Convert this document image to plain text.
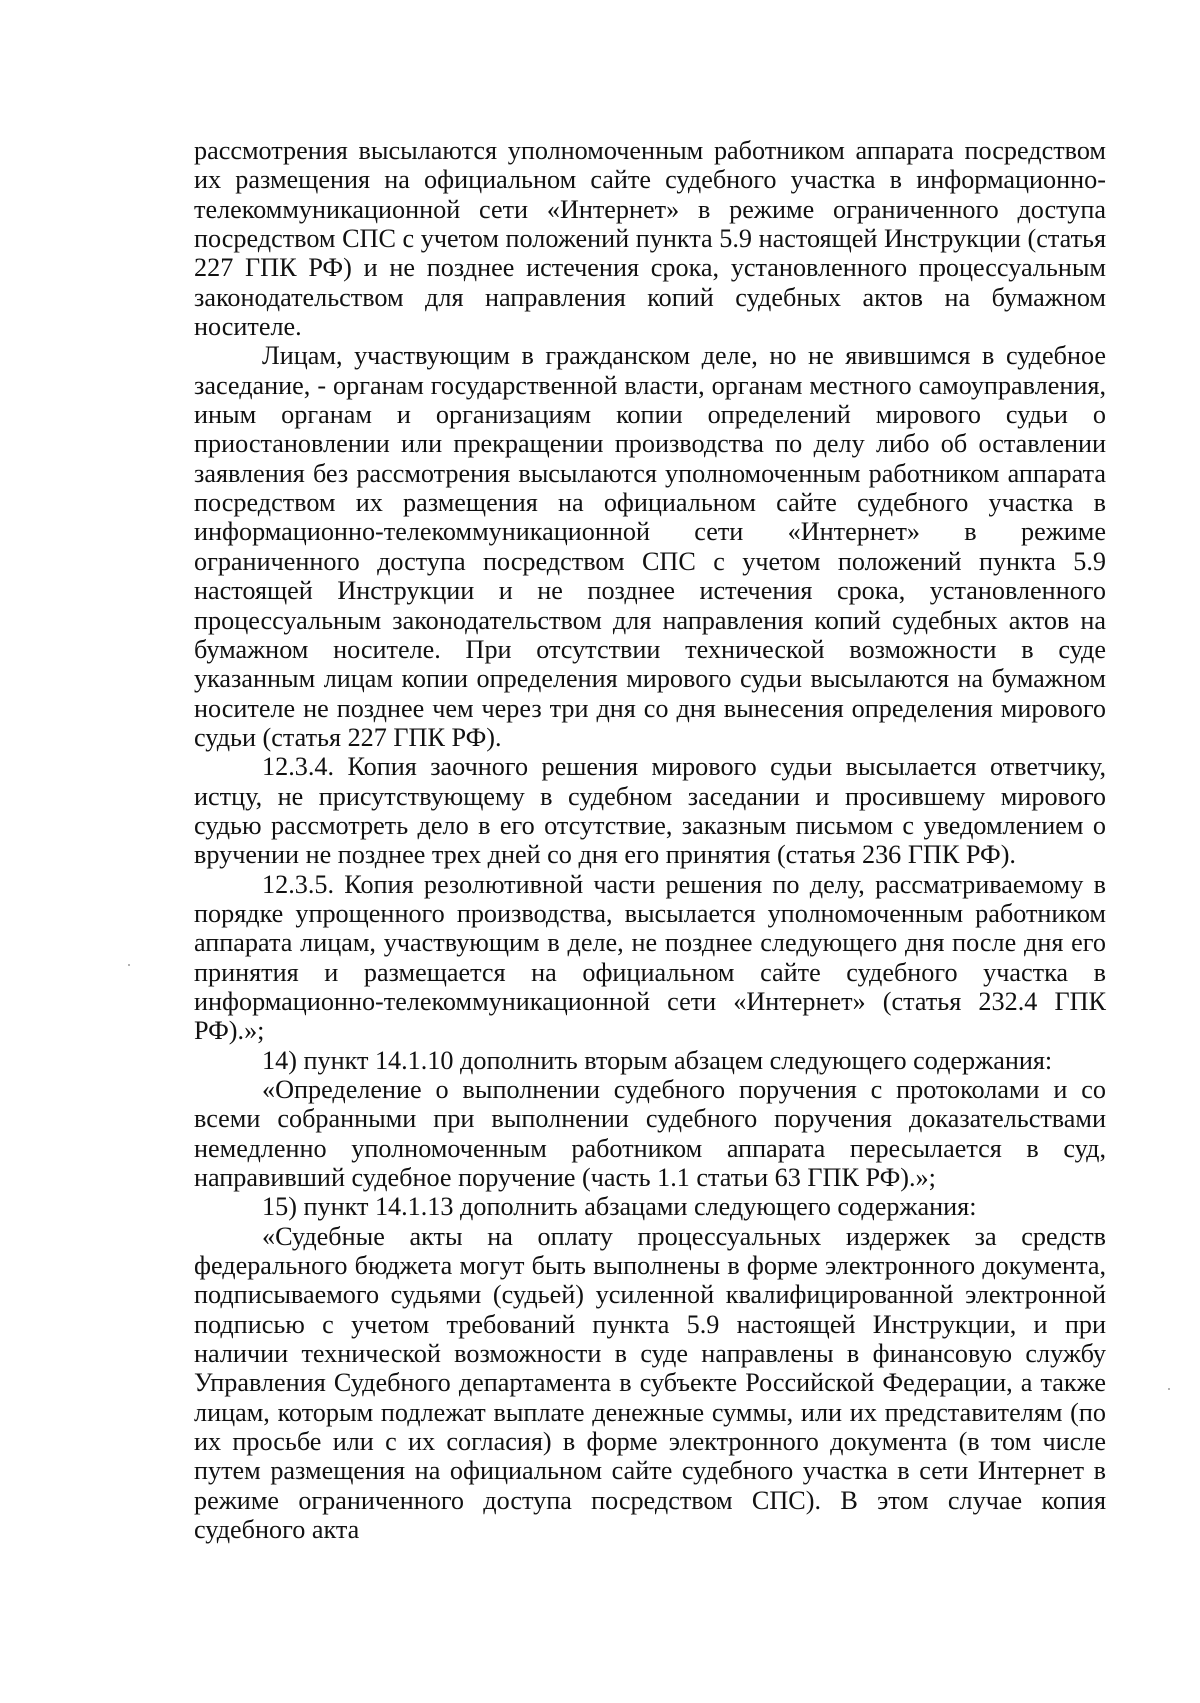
рассмотрения высылаются уполномоченным работником аппарата посредством их размещения на официальном сайте судебного участка в информационно-телекоммуникационной сети «Интернет» в режиме ограниченного доступа посредством СПС с учетом положений пункта 5.9 настоящей Инструкции (статья 227 ГПК РФ) и не позднее истечения срока, установленного процессуальным законодательством для направления копий судебных актов на бумажном носителе.

Лицам, участвующим в гражданском деле, но не явившимся в судебное заседание, - органам государственной власти, органам местного самоуправления, иным органам и организациям копии определений мирового судьи о приостановлении или прекращении производства по делу либо об оставлении заявления без рассмотрения высылаются уполномоченным работником аппарата посредством их размещения на официальном сайте судебного участка в информационно-телекоммуникационной сети «Интернет» в режиме ограниченного доступа посредством СПС с учетом положений пункта 5.9 настоящей Инструкции и не позднее истечения срока, установленного процессуальным законодательством для направления копий судебных актов на бумажном носителе. При отсутствии технической возможности в суде указанным лицам копии определения мирового судьи высылаются на бумажном носителе не позднее чем через три дня со дня вынесения определения мирового судьи (статья 227 ГПК РФ).

12.3.4. Копия заочного решения мирового судьи высылается ответчику, истцу, не присутствующему в судебном заседании и просившему мирового судью рассмотреть дело в его отсутствие, заказным письмом с уведомлением о вручении не позднее трех дней со дня его принятия (статья 236 ГПК РФ).

12.3.5. Копия резолютивной части решения по делу, рассматриваемому в порядке упрощенного производства, высылается уполномоченным работником аппарата лицам, участвующим в деле, не позднее следующего дня после дня его принятия и размещается на официальном сайте судебного участка в информационно-телекоммуникационной сети «Интернет» (статья 232.4 ГПК РФ).»;

14) пункт 14.1.10 дополнить вторым абзацем следующего содержания:

«Определение о выполнении судебного поручения с протоколами и со всеми собранными при выполнении судебного поручения доказательствами немедленно уполномоченным работником аппарата пересылается в суд, направивший судебное поручение (часть 1.1 статьи 63 ГПК РФ).»;

15) пункт 14.1.13 дополнить абзацами следующего содержания:

«Судебные акты на оплату процессуальных издержек за средств федерального бюджета могут быть выполнены в форме электронного документа, подписываемого судьями (судьей) усиленной квалифицированной электронной подписью с учетом требований пункта 5.9 настоящей Инструкции, и при наличии технической возможности в суде направлены в финансовую службу Управления Судебного департамента в субъекте Российской Федерации, а также лицам, которым подлежат выплате денежные суммы, или их представителям (по их просьбе или с их согласия) в форме электронного документа (в том числе путем размещения на официальном сайте судебного участка в сети Интернет в режиме ограниченного доступа посредством СПС). В этом случае копия судебного акта
